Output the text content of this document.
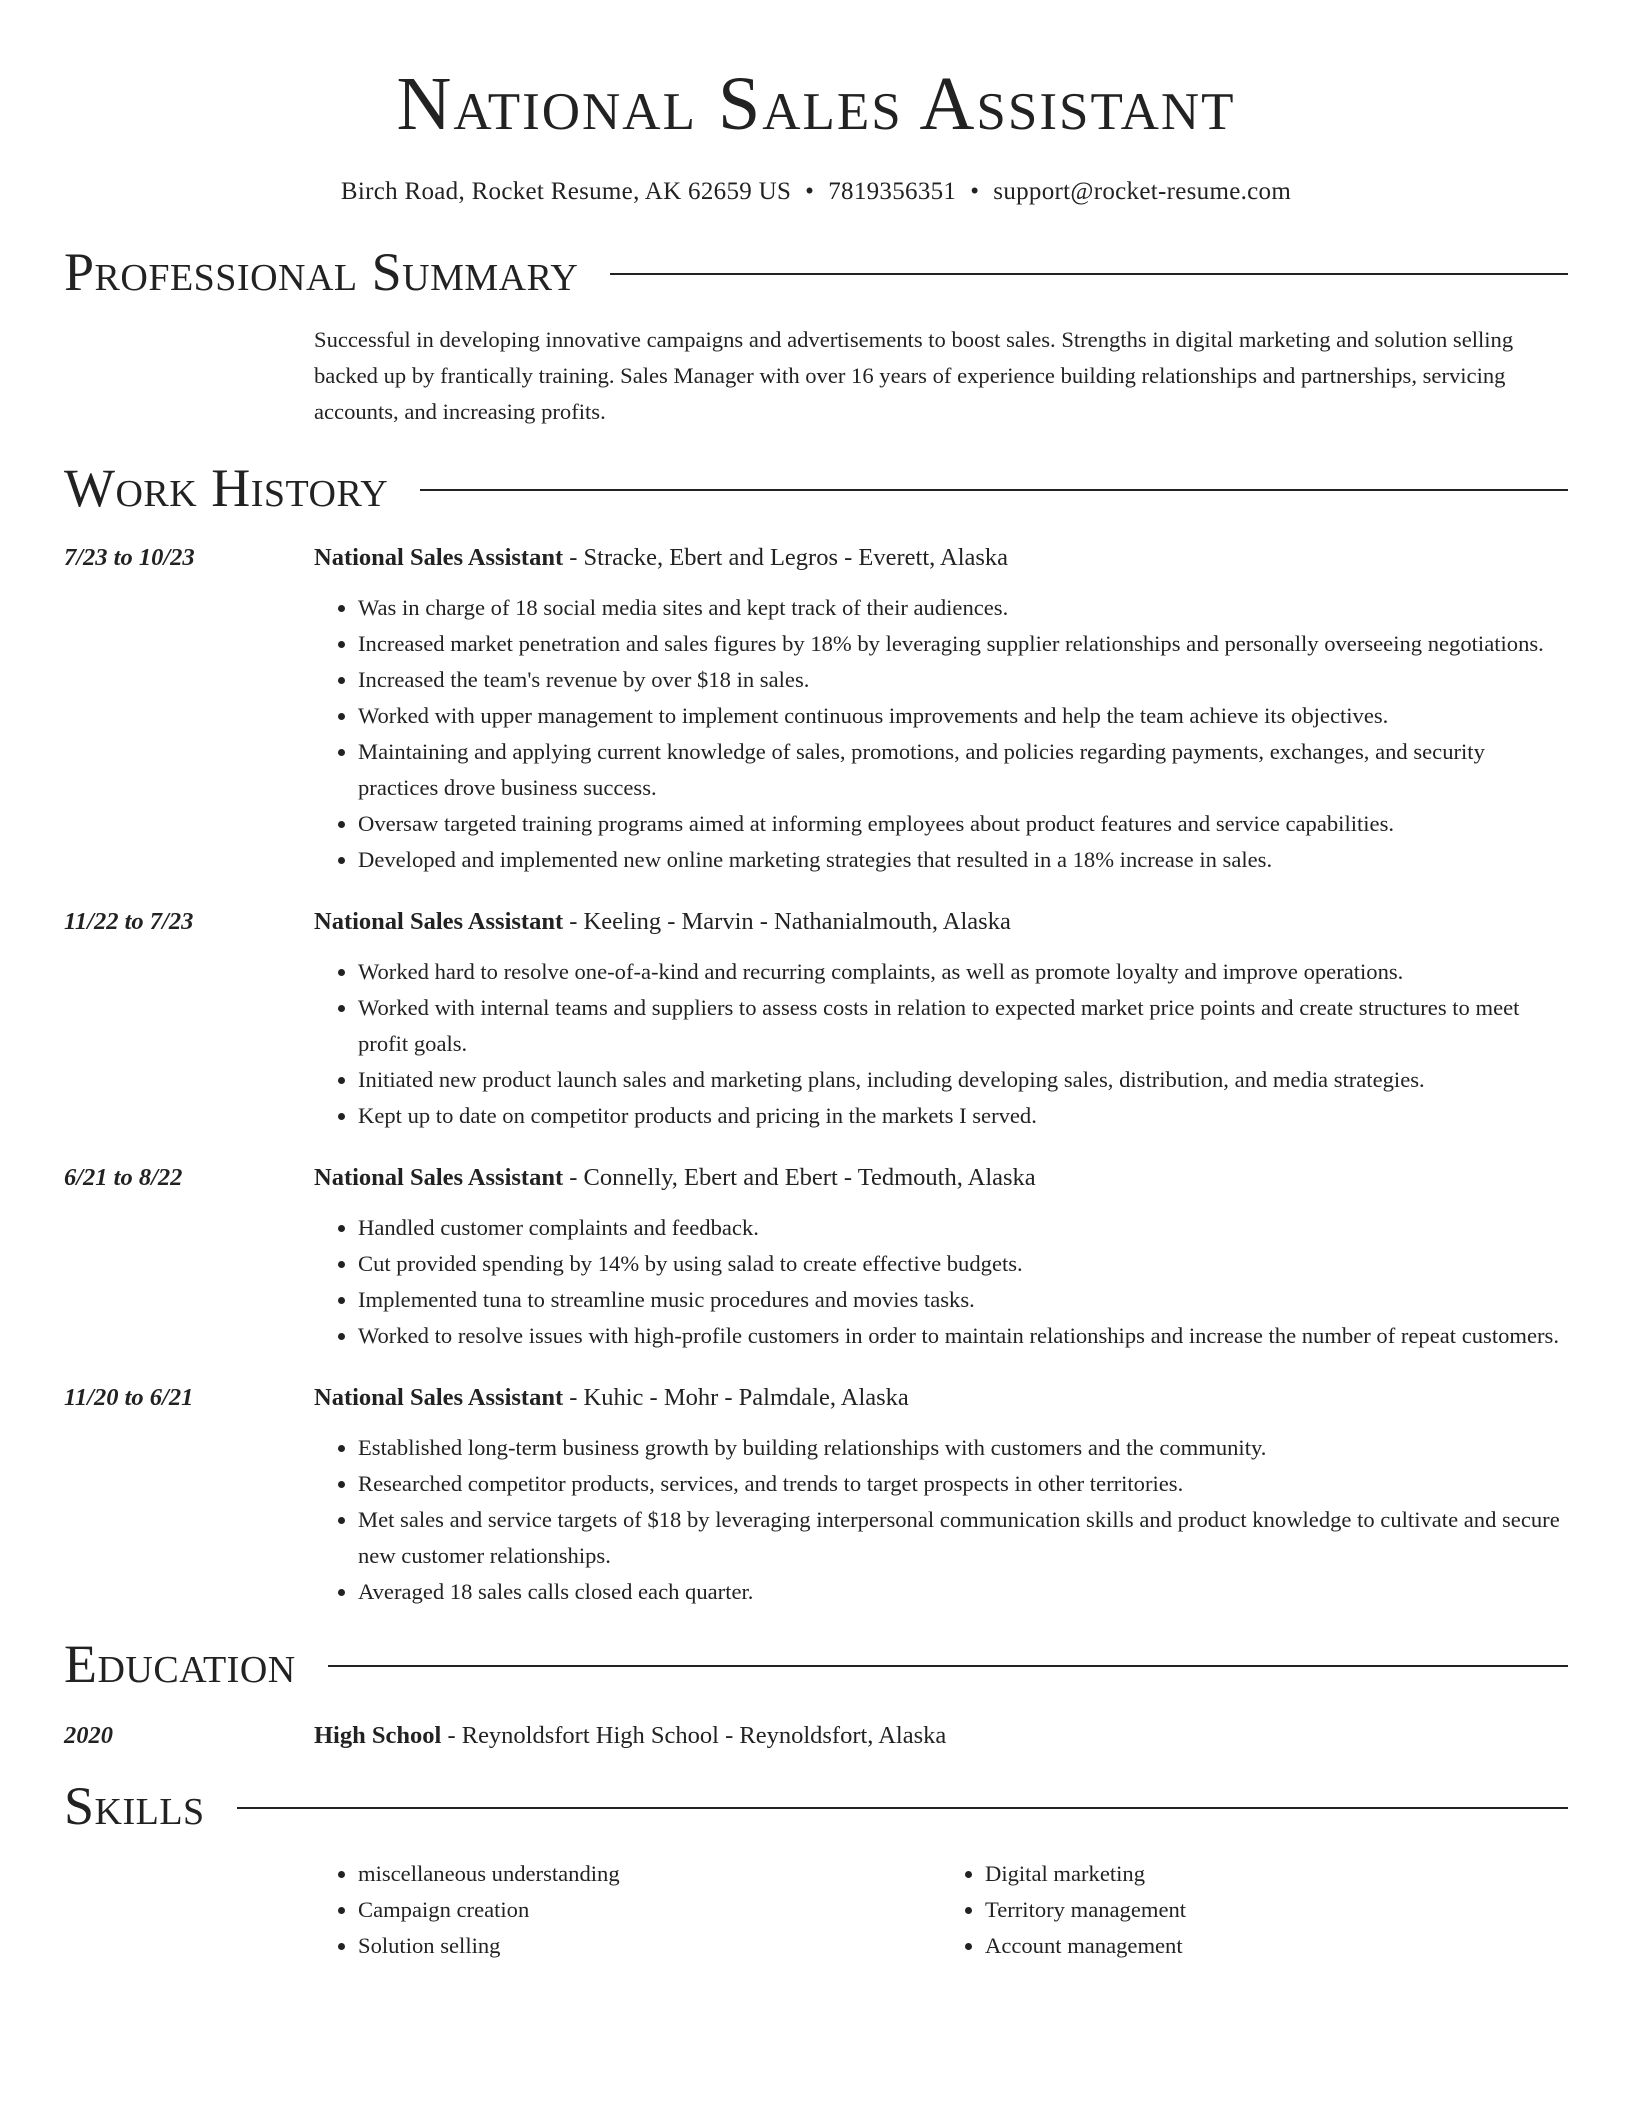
National Sales Assistant
Birch Road, Rocket Resume, AK 62659 US • 7819356351 • support@rocket-resume.com
Professional Summary
Successful in developing innovative campaigns and advertisements to boost sales. Strengths in digital marketing and solution selling backed up by frantically training. Sales Manager with over 16 years of experience building relationships and partnerships, servicing accounts, and increasing profits.
Work History
7/23 to 10/23	National Sales Assistant - Stracke, Ebert and Legros - Everett, Alaska
• Was in charge of 18 social media sites and kept track of their audiences.
• Increased market penetration and sales figures by 18% by leveraging supplier relationships and personally overseeing negotiations.
• Increased the team's revenue by over $18 in sales.
• Worked with upper management to implement continuous improvements and help the team achieve its objectives.
• Maintaining and applying current knowledge of sales, promotions, and policies regarding payments, exchanges, and security practices drove business success.
• Oversaw targeted training programs aimed at informing employees about product features and service capabilities.
• Developed and implemented new online marketing strategies that resulted in a 18% increase in sales.
11/22 to 7/23	National Sales Assistant - Keeling - Marvin - Nathanialmouth, Alaska
• Worked hard to resolve one-of-a-kind and recurring complaints, as well as promote loyalty and improve operations.
• Worked with internal teams and suppliers to assess costs in relation to expected market price points and create structures to meet profit goals.
• Initiated new product launch sales and marketing plans, including developing sales, distribution, and media strategies.
• Kept up to date on competitor products and pricing in the markets I served.
6/21 to 8/22	National Sales Assistant - Connelly, Ebert and Ebert - Tedmouth, Alaska
• Handled customer complaints and feedback.
• Cut provided spending by 14% by using salad to create effective budgets.
• Implemented tuna to streamline music procedures and movies tasks.
• Worked to resolve issues with high-profile customers in order to maintain relationships and increase the number of repeat customers.
11/20 to 6/21	National Sales Assistant - Kuhic - Mohr - Palmdale, Alaska
• Established long-term business growth by building relationships with customers and the community.
• Researched competitor products, services, and trends to target prospects in other territories.
• Met sales and service targets of $18 by leveraging interpersonal communication skills and product knowledge to cultivate and secure new customer relationships.
• Averaged 18 sales calls closed each quarter.
Education
2020	High School - Reynoldsfort High School - Reynoldsfort, Alaska
Skills
• miscellaneous understanding
• Campaign creation
• Solution selling
• Digital marketing
• Territory management
• Account management
